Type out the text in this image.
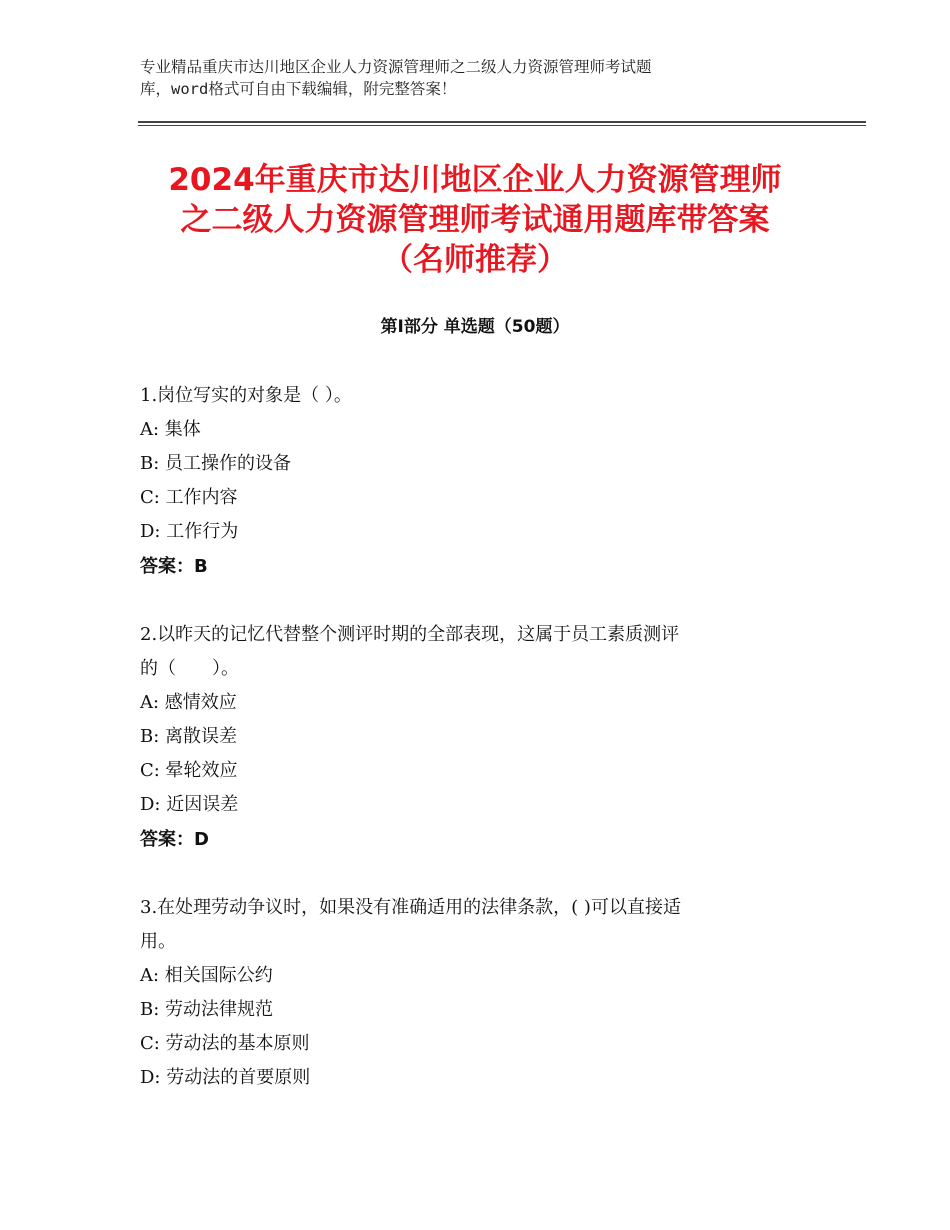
专业精品重庆市达川地区企业人力资源管理师之二级人力资源管理师考试题
库，word格式可自由下载编辑，附完整答案！
2024年重庆市达川地区企业人力资源管理师
之二级人力资源管理师考试通用题库带答案
（名师推荐）
第Ⅰ部分 单选题（50题）
1.岗位写实的对象是（ ）。
A: 集体
B: 员工操作的设备
C: 工作内容
D: 工作行为
答案：B
2.以昨天的记忆代替整个测评时期的全部表现，这属于员工素质测评
的（　　）。
A: 感情效应
B: 离散误差
C: 晕轮效应
D: 近因误差
答案：D
3.在处理劳动争议时，如果没有准确适用的法律条款，( )可以直接适
用。
A: 相关国际公约
B: 劳动法律规范
C: 劳动法的基本原则
D: 劳动法的首要原则
